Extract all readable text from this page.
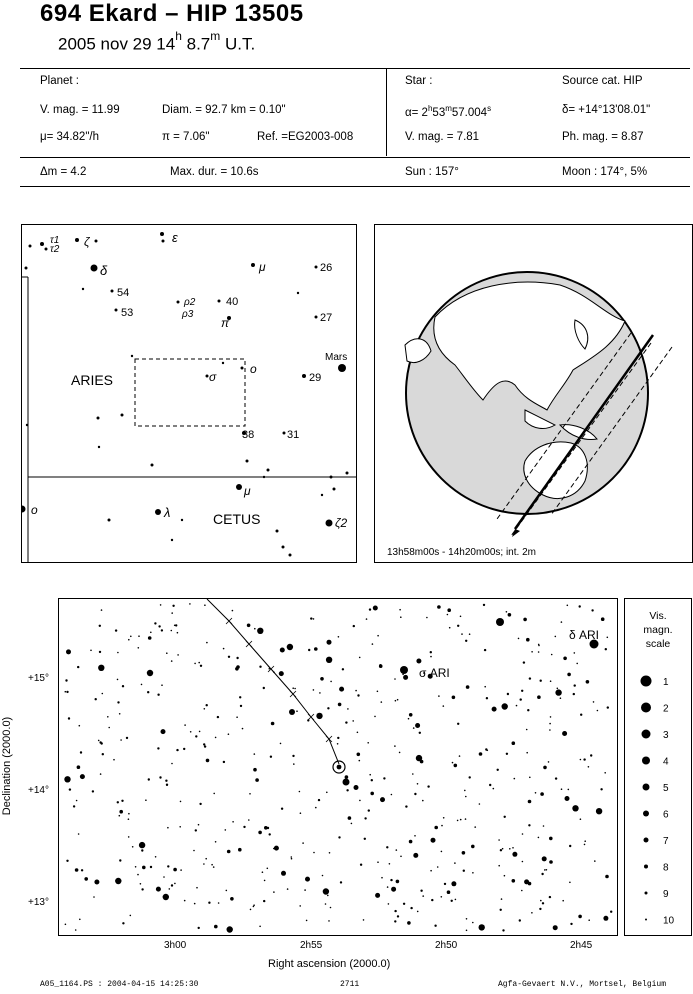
694 Ekard – HIP 13505
2005 nov 29 14$^h$ 8.7$^m$ U.T.
Planet :
V. mag. = 11.99	Diam. = 92.7 km = 0.10"
μ= 34.82"/h	π = 7.06"	Ref. =EG2003-008
Star :	Source cat. HIP
$\alpha= 2^h53^m57.004^s$	δ= +14°13'08.01"
V. mag. = 7.81	Ph. mag. = 8.87
Δm = 4.2	Max. dur. = 10.6s	Sun : 157°	Moon : 174°, 5%
ARIES
CETUS
τ1
τ2
ζ	ε
δ	μ
54
53
ρ2
ρ3
40
π
26
27
Mars
σ
o
29
38	31
μ
λ
ζ2
o
13h58m00s - 14h20m00s; int. 2m
σ ARI
δ ARI
3h00	2h55	2h50	2h45
Right ascension (2000.0)
+15°
+14°
+13°
Declination (2000.0)
Vis.
magn.
scale
1
2
3
4
5
6
7
8
9
10
A05_1164.PS : 2004-04-15 14:25:30	2711	Agfa-Gevaert N.V., Mortsel, Belgium
